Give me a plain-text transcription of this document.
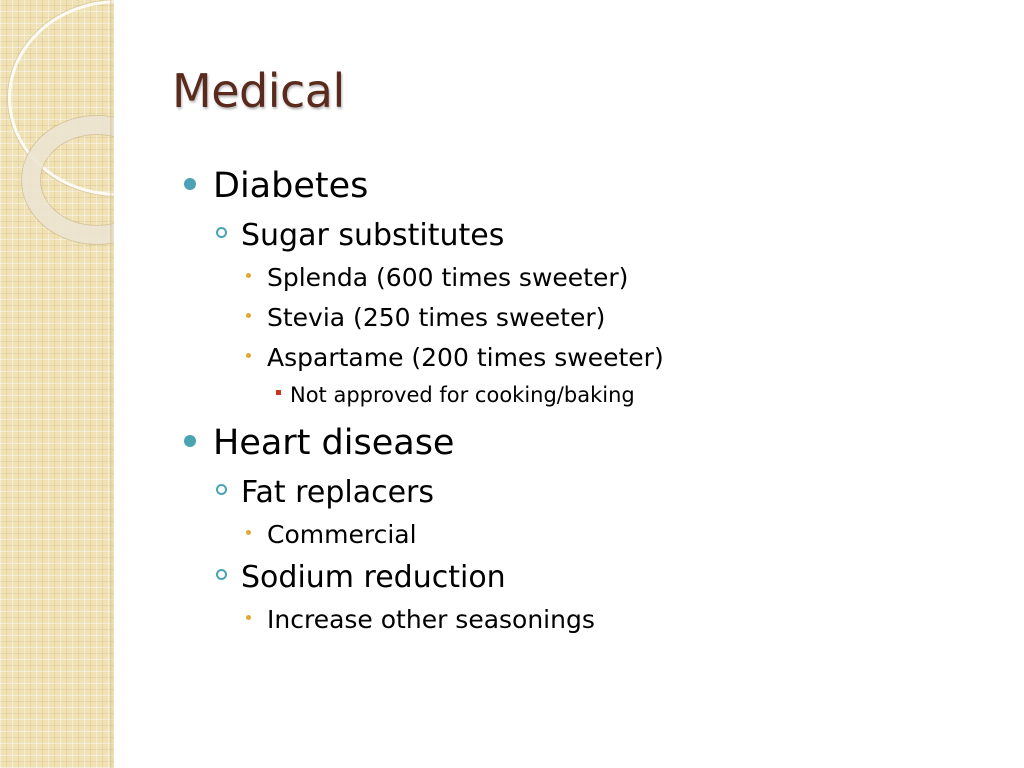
Medical
Diabetes
Sugar substitutes
Splenda (600 times sweeter)
Stevia (250 times sweeter)
Aspartame (200 times sweeter)
Not approved for cooking/baking
Heart disease
Fat replacers
Commercial
Sodium reduction
Increase other seasonings
